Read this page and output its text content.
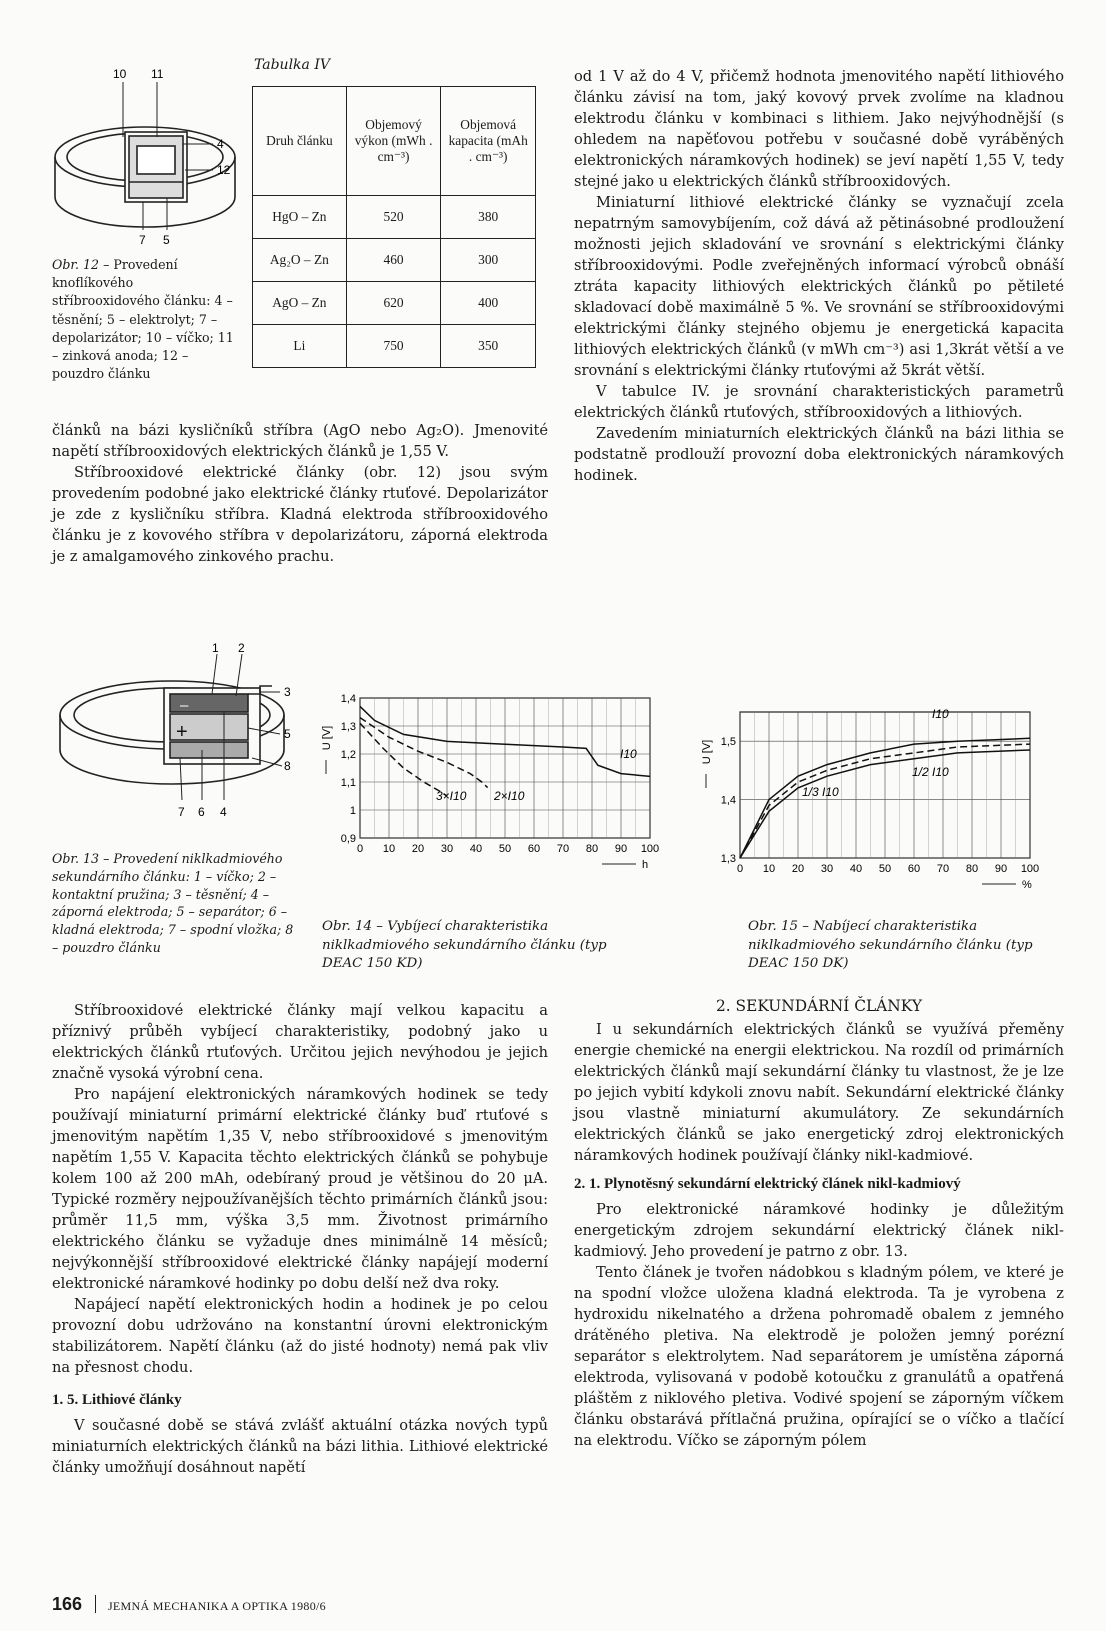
10 11
4
12
7 5
Obr. 12 – Provedení knoflíkového stříbrooxidového článku: 4 – těsnění; 5 – elektrolyt; 7 – depolarizátor; 10 – víčko; 11 – zinková anoda; 12 – pouzdro článku
Tabulka IV
Druh článku	Objemový výkon (mWh . cm⁻³)	Objemová kapacita (mAh . cm⁻³)
HgO – Zn	520	380
Ag₂O – Zn	460	300
AgO – Zn	620	400
Li	750	350

článků na bázi kysličníků stříbra (AgO nebo Ag₂O). Jmenovité napětí stříbrooxidových elektrických článků je 1,55 V.

Stříbrooxidové elektrické články (obr. 12) jsou svým provedením podobné jako elektrické články rtuťové. Depolarizátor je zde z kysličníku stříbra. Kladná elektroda stříbrooxidového článku je z kovového stříbra v depolarizátoru, záporná elektroda je z amalgamového zinkového prachu.

od 1 V až do 4 V, přičemž hodnota jmenovitého napětí lithiového článku závisí na tom, jaký kovový prvek zvolíme na kladnou elektrodu článku v kombinaci s lithiem. Jako nejvýhodnější (s ohledem na napěťovou potřebu v současné době vyráběných elektronických náramkových hodinek) se jeví napětí 1,55 V, tedy stejné jako u elektrických článků stříbrooxidových.

Miniaturní lithiové elektrické články se vyznačují zcela nepatrným samovybíjením, což dává až pětinásobné prodloužení možnosti jejich skladování ve srovnání s elektrickými články stříbrooxidovými. Podle zveřejněných informací výrobců obnáší ztráta kapacity lithiových elektrických článků po pětileté skladovací době maximálně 5 %. Ve srovnání se stříbrooxidovými elektrickými články stejného objemu je energetická kapacita lithiových elektrických článků (v mWh cm⁻³) asi 1,3krát větší a ve srovnání s elektrickými články rtuťovými až 5krát větší.

V tabulce IV. je srovnání charakteristických parametrů elektrických článků rtuťových, stříbrooxidových a lithiových.

Zavedením miniaturních elektrických článků na bázi lithia se podstatně prodlouží provozní doba elektronických náramkových hodinek.

–
+
1 2
3
5
8
7 6 4
Obr. 13 – Provedení niklkadmiového sekundárního článku: 1 – víčko; 2 – kontaktní pružina; 3 – těsnění; 4 – záporná elektroda; 5 – separátor; 6 – kladná elektroda; 7 – spodní vložka; 8 – pouzdro článku
0 10 20 30 40 50 60 70 80 90 100
0,9
1
1,1
1,2
1,3
1,4
U [V]
h
I10
2×I10
3×I10
Obr. 14 – Vybíjecí charakteristika niklkadmiového sekundárního článku (typ DEAC 150 KD)
0 10 20 30 40 50 60 70 80 90 100
1,3
1,4
1,5
U [V]
%
I10
1/2 I10
1/3 I10
Obr. 15 – Nabíjecí charakteristika niklkadmiového sekundárního článku (typ DEAC 150 DK)

Stříbrooxidové elektrické články mají velkou kapacitu a příznivý průběh vybíjecí charakteristiky, podobný jako u elektrických článků rtuťových. Určitou jejich nevýhodou je jejich značně vysoká výrobní cena.

Pro napájení elektronických náramkových hodinek se tedy používají miniaturní primární elektrické články buď rtuťové s jmenovitým napětím 1,35 V, nebo stříbrooxidové s jmenovitým napětím 1,55 V. Kapacita těchto elektrických článků se pohybuje kolem 100 až 200 mAh, odebíraný proud je většinou do 20 μA. Typické rozměry nejpoužívanějších těchto primárních článků jsou: průměr 11,5 mm, výška 3,5 mm. Životnost primárního elektrického článku se vyžaduje dnes minimálně 14 měsíců; nejvýkonnější stříbrooxidové elektrické články napájejí moderní elektronické náramkové hodinky po dobu delší než dva roky.

Napájecí napětí elektronických hodin a hodinek je po celou provozní dobu udržováno na konstantní úrovni elektronickým stabilizátorem. Napětí článku (až do jisté hodnoty) nemá pak vliv na přesnost chodu.

1. 5. Lithiové články

V současné době se stává zvlášť aktuální otázka nových typů miniaturních elektrických článků na bázi lithia. Lithiové elektrické články umožňují dosáhnout napětí

2. SEKUNDÁRNÍ ČLÁNKY

I u sekundárních elektrických článků se využívá přeměny energie chemické na energii elektrickou. Na rozdíl od primárních elektrických článků mají sekundární články tu vlastnost, že je lze po jejich vybití kdykoli znovu nabít. Sekundární elektrické články jsou vlastně miniaturní akumulátory. Ze sekundárních elektrických článků se jako energetický zdroj elektronických náramkových hodinek používají články nikl-kadmiové.

2. 1. Plynotěsný sekundární elektrický článek nikl-kadmiový

Pro elektronické náramkové hodinky je důležitým energetickým zdrojem sekundární elektrický článek nikl-kadmiový. Jeho provedení je patrno z obr. 13.

Tento článek je tvořen nádobkou s kladným pólem, ve které je na spodní vložce uložena kladná elektroda. Ta je vyrobena z hydroxidu nikelnatého a držena pohromadě obalem z jemného drátěného pletiva. Na elektrodě je položen jemný porézní separátor s elektrolytem. Nad separátorem je umístěna záporná elektroda, vylisovaná v podobě kotoučku z granulátů a opatřená pláštěm z niklového pletiva. Vodivé spojení se záporným víčkem článku obstarává přítlačná pružina, opírající se o víčko a tlačící na elektrodu. Víčko se záporným pólem

166 JEMNÁ MECHANIKA A OPTIKA 1980/6
